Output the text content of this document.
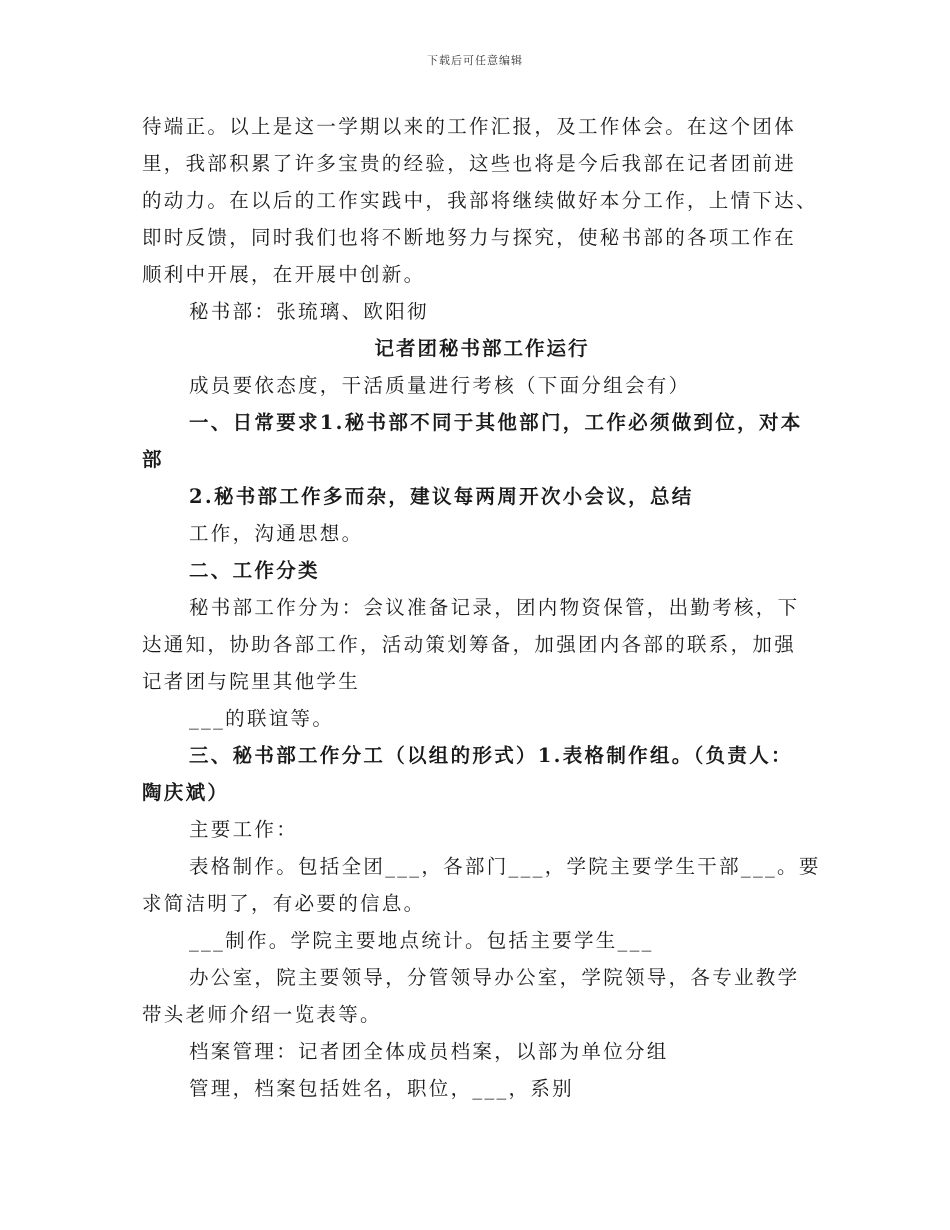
下载后可任意编辑
待端正。以上是这一学期以来的工作汇报，及工作体会。在这个团体
里，我部积累了许多宝贵的经验，这些也将是今后我部在记者团前进
的动力。在以后的工作实践中，我部将继续做好本分工作，上情下达、
即时反馈，同时我们也将不断地努力与探究，使秘书部的各项工作在
顺利中开展，在开展中创新。
秘书部：张琉璃、欧阳彻
记者团秘书部工作运行
成员要依态度，干活质量进行考核（下面分组会有）
一、日常要求1.秘书部不同于其他部门，工作必须做到位，对本
部
2.秘书部工作多而杂，建议每两周开次小会议，总结
工作，沟通思想。
二、工作分类
秘书部工作分为：会议准备记录，团内物资保管，出勤考核，下
达通知，协助各部工作，活动策划筹备，加强团内各部的联系，加强
记者团与院里其他学生
___的联谊等。
三、秘书部工作分工（以组的形式）1.表格制作组。（负责人：
陶庆斌）
主要工作：
表格制作。包括全团___，各部门___，学院主要学生干部___。要
求简洁明了，有必要的信息。
___制作。学院主要地点统计。包括主要学生___
办公室，院主要领导，分管领导办公室，学院领导，各专业教学
带头老师介绍一览表等。
档案管理：记者团全体成员档案，以部为单位分组
管理，档案包括姓名，职位，___，系别
